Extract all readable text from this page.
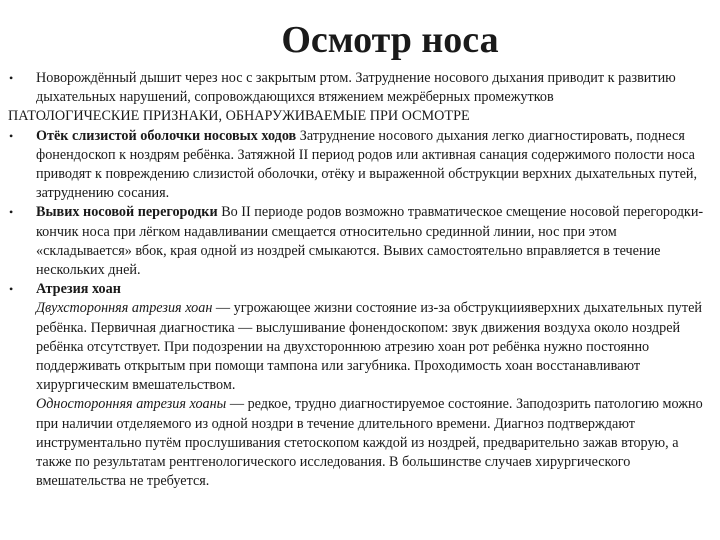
Осмотр носа
• Новорождённый дышит через нос с закрытым ртом. Затруднение носового дыхания приводит к развитию дыхательных нарушений, сопровождающихся втяжением межрёберных промежутков
ПАТОЛОГИЧЕСКИЕ ПРИЗНАКИ, ОБНАРУЖИВАЕМЫЕ ПРИ ОСМОТРЕ
• Отёк слизистой оболочки носовых ходов Затруднение носового дыхания легко диагностировать, поднеся фонендоскоп к ноздрям ребёнка. Затяжной II период родов или активная санация содержимого полости носа приводят к повреждению слизистой оболочки, отёку и выраженной обструкции верхних дыхательных путей, затруднению сосания.
• Вывих носовой перегородки Во II периоде родов возможно травматическое смещение носовой перегородки- кончик носа при лёгком надавливании смещается относительно срединной линии, нос при этом «складывается» вбок, края одной из ноздрей смыкаются. Вывих самостоятельно вправляется в течение нескольких дней.
• Атрезия хоан
Двухсторонняя атрезия хоан — угрожающее жизни состояние из-за обструкциияверхних дыхательных путей ребёнка. Первичная диагностика — выслушивание фонендоскопом: звук движения воздуха около ноздрей ребёнка отсутствует. При подозрении на двухстороннюю атрезию хоан рот ребёнка нужно постоянно поддерживать открытым при помощи тампона или загубника. Проходимость хоан восстанавливают хирургическим вмешательством.
Односторонняя атрезия хоаны — редкое, трудно диагностируемое состояние. Заподозрить патологию можно при наличии отделяемого из одной ноздри в течение длительного времени. Диагноз подтверждают инструментально путём прослушивания стетоскопом каждой из ноздрей, предварительно зажав вторую, а также по результатам рентгенологического исследования. В большинстве случаев хирургического вмешательства не требуется.
